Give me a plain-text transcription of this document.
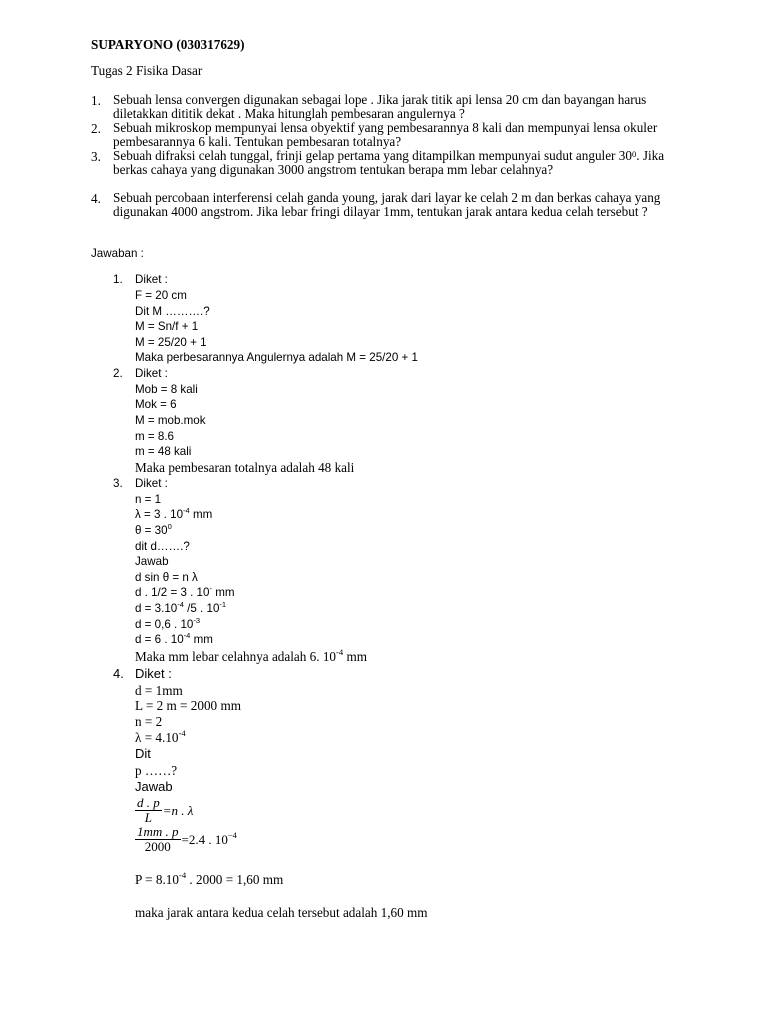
SUPARYONO (030317629)
Tugas 2 Fisika Dasar
1. Sebuah lensa convergen digunakan sebagai lope . Jika jarak titik api lensa 20 cm dan bayangan harus diletakkan dititik dekat . Maka hitunglah pembesaran angulernya ?
2. Sebuah mikroskop mempunyai lensa obyektif yang pembesarannya 8 kali dan mempunyai lensa okuler pembesarannya 6 kali. Tentukan pembesaran totalnya?
3. Sebuah difraksi celah tunggal, frinji gelap pertama yang ditampilkan mempunyai sudut anguler $30^0$. Jika berkas cahaya yang digunakan 3000 angstrom tentukan berapa mm lebar celahnya?
4. Sebuah percobaan interferensi celah ganda young, jarak dari layar ke celah 2 m dan berkas cahaya yang digunakan 4000 angstrom. Jika lebar fringi dilayar 1mm, tentukan jarak antara kedua celah tersebut ?
Jawaban :
1. Diket :
F = 20 cm
Dit M ……….?
M = Sn/f + 1
M = 25/20 + 1
Maka perbesarannya Angulernya adalah M = 25/20 + 1
2. Diket :
Mob = 8 kali
Mok = 6
M = mob.mok
m = 8.6
m = 48 kali
Maka pembesaran totalnya adalah 48 kali
3. Diket :
n = 1
λ = 3 . $10^{-4}$ mm
$\theta = 30^0$
dit d…….?
Jawab
d sin θ = n λ
d . 1/2 = 3 . 10- mm
$d = 3.10^{-4}$ /5 . $10^{-1}$
d = 0,6 . $10^{-3}$
d = 6 . $10^{-4}$ mm
Maka mm lebar celahnya adalah 6. $10^{-4}$ mm
4. Diket :
d = 1mm
L = 2 m = 2000 mm
n = 2
$\lambda = 4.10^{-4}$
Dit
p ……?
Jawab
$\frac{d . p}{L} =n$ . λ
$\frac{1mm . p}{2000} =2.4$ . $10^{-4}$
$P = 8.10^{-4}$ . 2000 = 1,60 mm
maka jarak antara kedua celah tersebut adalah 1,60 mm
